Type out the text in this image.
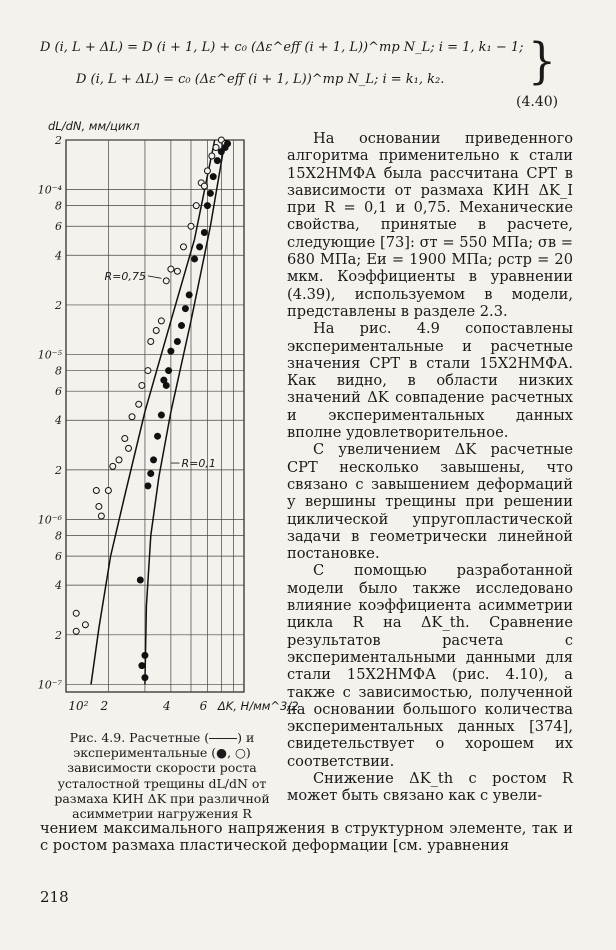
D (i, L + ΔL) = D (i + 1, L) + c₀ (Δε^eff (i + 1, L))^mp N_L; i = 1, k₁ − 1;
D (i, L + ΔL) = c₀ (Δε^eff (i + 1, L))^mp N_L; i = k₁, k₂. }
(4.40)
2
10⁻⁴
8
6
4
2
10⁻⁵
8
6
4
2
10⁻⁶
8
6
4
2
10⁻⁷
10² 2	4 6
dL/dN, мм/цикл
ΔK, Н/мм^3/2
R=0,75
R=0,1
Рис. 4.9. Расчетные ( ) и экспериментальные (●, ○) зависимости скорости роста усталостной трещины dL/dN от размаха КИН ΔK при различной асимметрии нагружения R

На основании приведенного алгоритма применительно к стали 15Х2НМФА была рассчитана СРТ в зависимости от размаха КИН ΔK_I при R = 0,1 и 0,75. Механические свойства, принятые в расчете, следующие [73]: σт = 550 МПа; σв = 680 МПа; Eи = 1900 МПа; ρстр = 20 мкм. Коэффициенты в уравнении (4.39), используемом в модели, представлены в разделе 2.3.

На рис. 4.9 сопоставлены экспериментальные и расчетные значения СРТ в стали 15Х2НМФА. Как видно, в области низких значений ΔK совпадение расчетных и экспериментальных данных вполне удовлетворительное.

С увеличением ΔK расчетные СРТ несколько завышены, что связано с завышением деформаций у вершины трещины при решении циклической упругопластической задачи в геометрически линейной постановке.

С помощью разработанной модели было также исследовано влияние коэффициента асимметрии цикла R на ΔK_th. Сравнение результатов расчета с экспериментальными данными для стали 15Х2НМФА (рис. 4.10), а также с зависимостью, полученной на основании большого количества экспериментальных данных [374], свидетельствует о хорошем их соответствии.

Снижение ΔK_th с ростом R может быть связано как с увели-

чением максимального напряжения в структурном элементе, так и с ростом размаха пластической деформации [см. уравнения

218
